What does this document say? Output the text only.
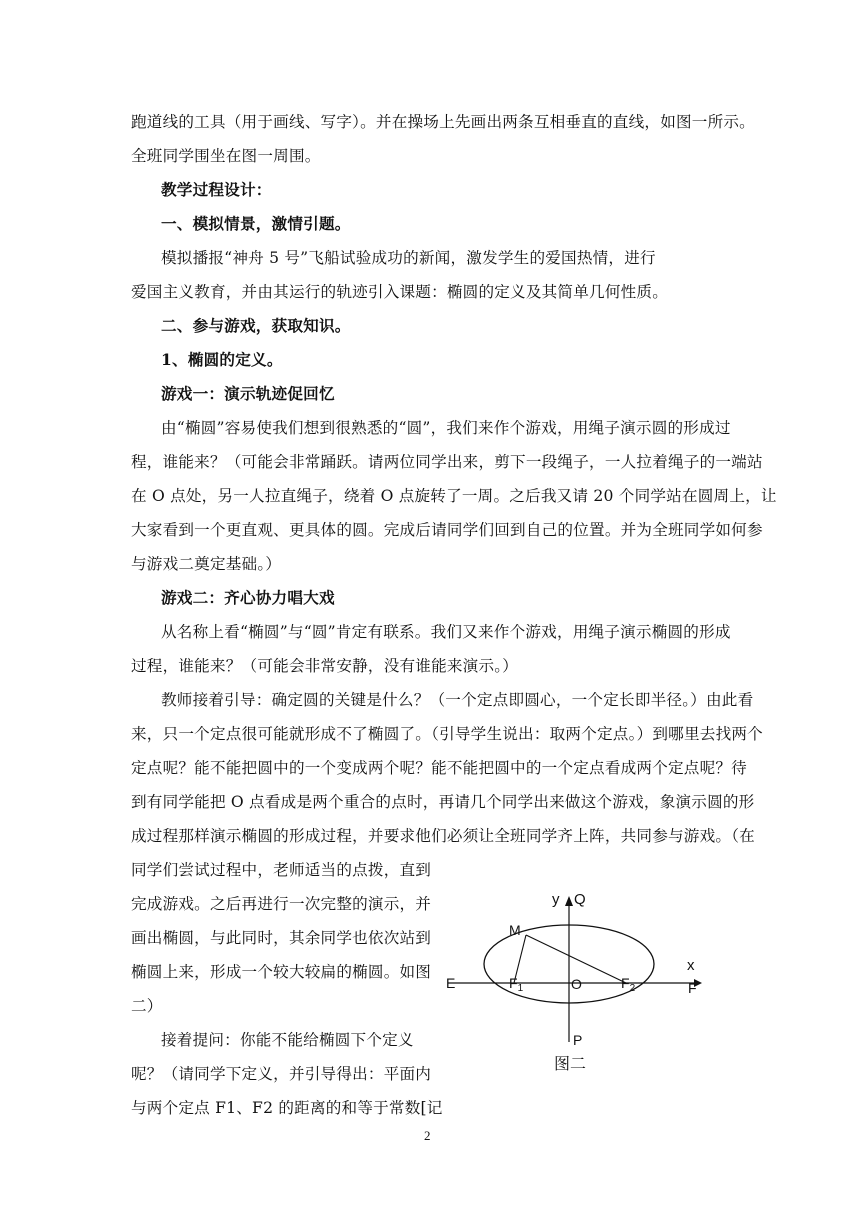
跑道线的工具（用于画线、写字）。并在操场上先画出两条互相垂直的直线，如图一所示。
全班同学围坐在图一周围。
教学过程设计：
一、模拟情景，激情引题。
模拟播报“神舟 5 号”飞船试验成功的新闻，激发学生的爱国热情，进行
爱国主义教育，并由其运行的轨迹引入课题：椭圆的定义及其简单几何性质。
二、参与游戏，获取知识。
1、椭圆的定义。
游戏一：演示轨迹促回忆
由“椭圆”容易使我们想到很熟悉的“圆”，我们来作个游戏，用绳子演示圆的形成过
程，谁能来？（可能会非常踊跃。请两位同学出来，剪下一段绳子，一人拉着绳子的一端站
在 O 点处，另一人拉直绳子，绕着 O 点旋转了一周。之后我又请 20 个同学站在圆周上，让
大家看到一个更直观、更具体的圆。完成后请同学们回到自己的位置。并为全班同学如何参
与游戏二奠定基础。）
游戏二：齐心协力唱大戏
从名称上看“椭圆”与“圆”肯定有联系。我们又来作个游戏，用绳子演示椭圆的形成
过程，谁能来？（可能会非常安静，没有谁能来演示。）
教师接着引导：确定圆的关键是什么？（一个定点即圆心，一个定长即半径。）由此看
来，只一个定点很可能就形成不了椭圆了。（引导学生说出：取两个定点。）到哪里去找两个
定点呢？能不能把圆中的一个变成两个呢？能不能把圆中的一个定点看成两个定点呢？待
到有同学能把 O 点看成是两个重合的点时，再请几个同学出来做这个游戏，象演示圆的形
成过程那样演示椭圆的形成过程，并要求他们必须让全班同学齐上阵，共同参与游戏。（在
同学们尝试过程中，老师适当的点拨，直到
完成游戏。之后再进行一次完整的演示，并
画出椭圆，与此同时，其余同学也依次站到
椭圆上来，形成一个较大较扁的椭圆。如图
二）
接着提问：你能不能给椭圆下个定义
呢？（请同学下定义，并引导得出：平面内
与两个定点 F1、F2 的距离的和等于常数[记
y Q
M
x
E	$F_1$	O	$F_2$	F
P
图二
2
